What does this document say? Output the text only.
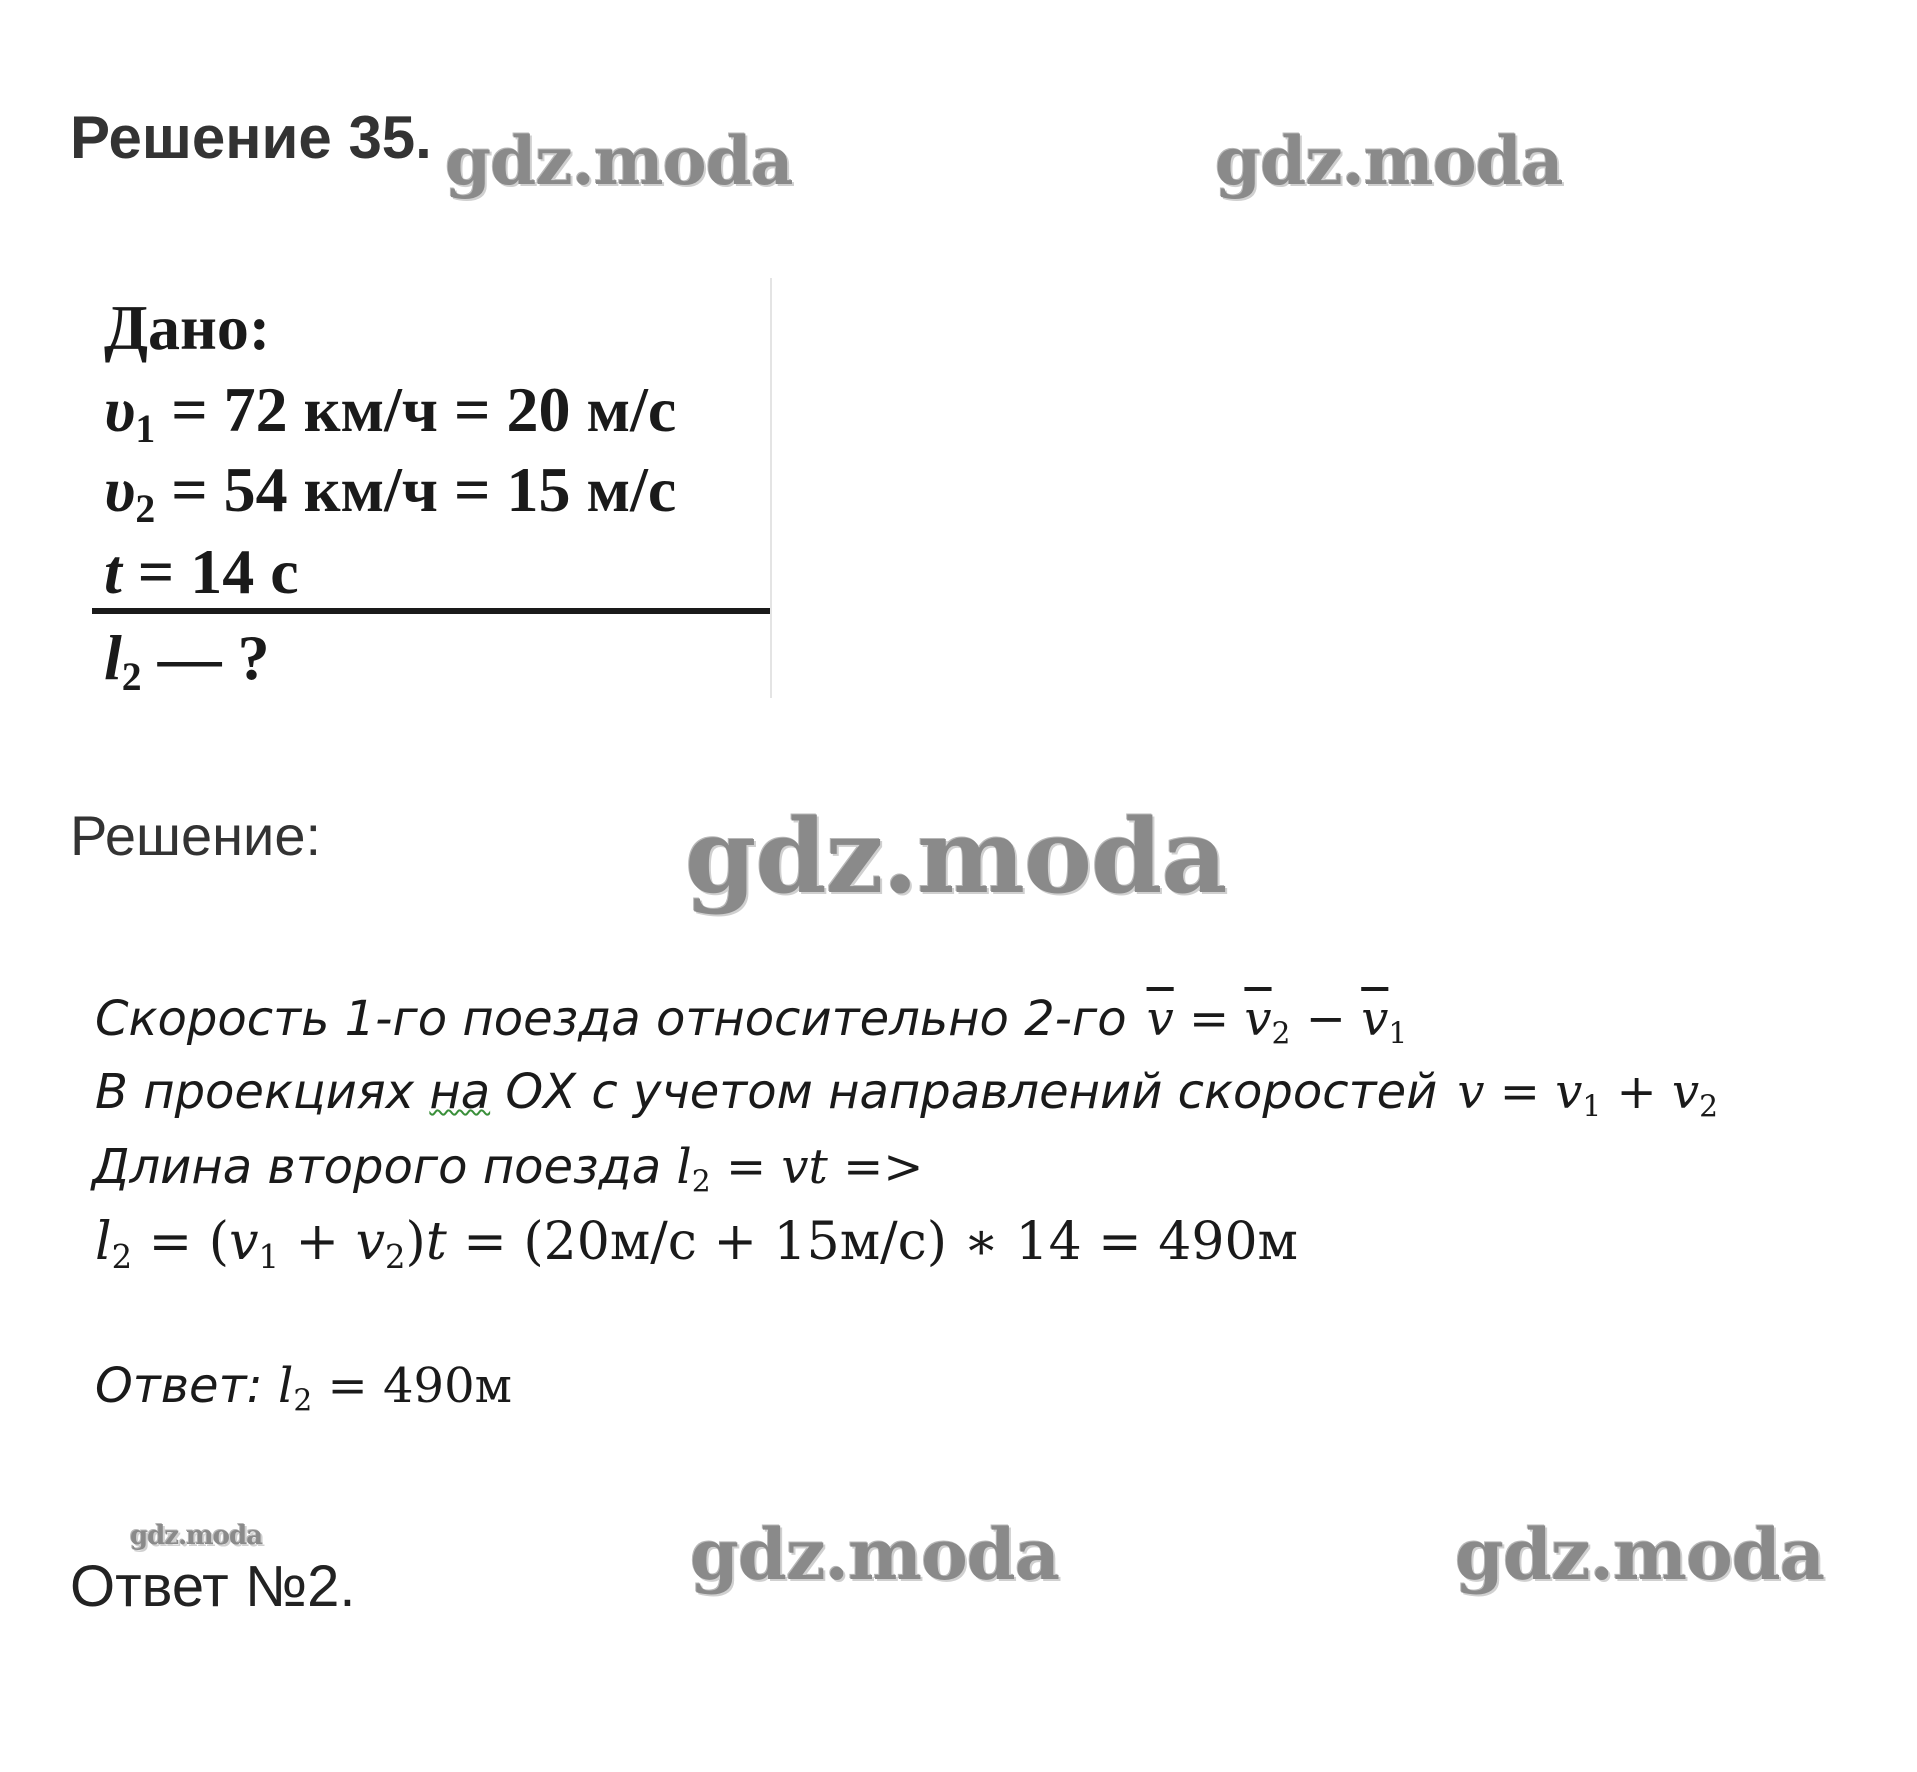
Решение 35. gdz.moda	gdz.moda
Дано:
$\upsilon_1 = 72$ км/ч = 20 м/с
$\upsilon_2 = 54$ км/ч = 15 м/с
t = 14 с
$l_2$ — ?
Решение:	gdz.moda
Скорость 1-го поезда относительно 2-го $\overline{v} = \overline{v}_2 - \overline{v}_1$
В проекциях на ОХ с учетом направлений скоростей $v = v_1 + v_2$
Длина второго поезда $l_2$ = vt =>
$l_2 = (v_1 + v_2)t = (20м/с + 15м/с)$ ∗ 14 = 490м
Ответ: $l_2 = 490м$
gdz.moda
Ответ №2.	gdz.moda	gdz.moda
